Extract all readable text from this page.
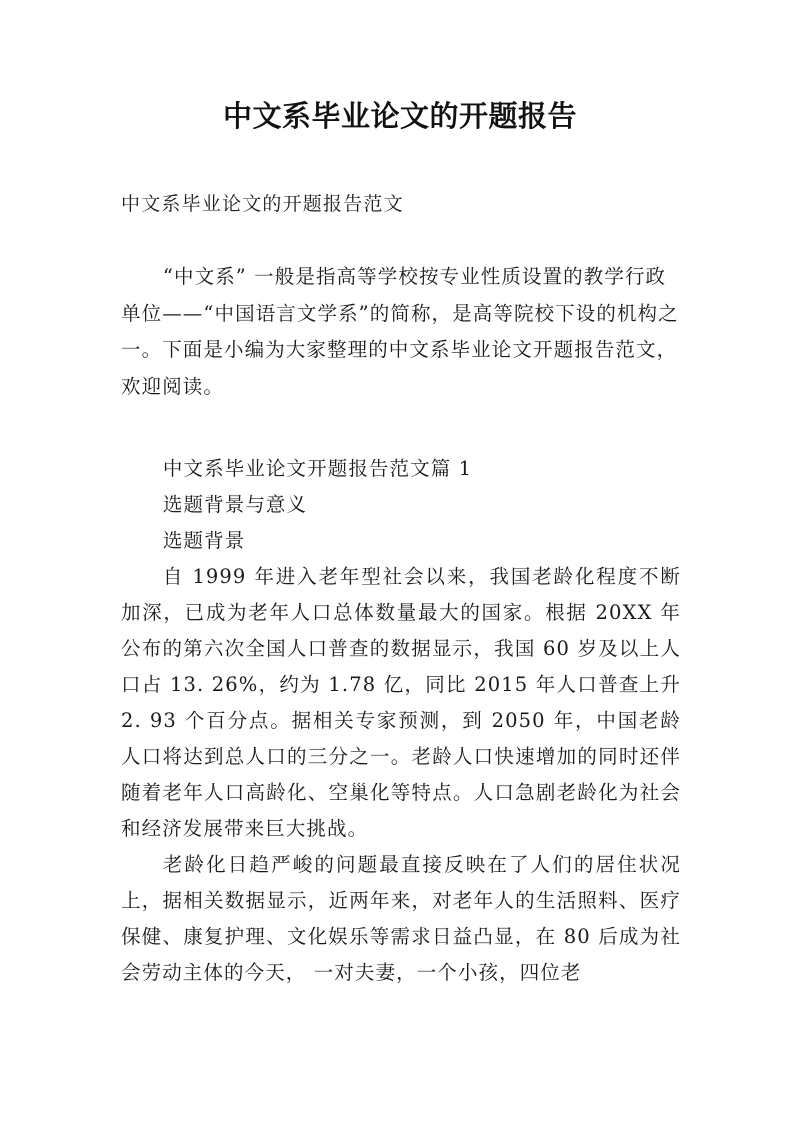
中文系毕业论文的开题报告
中文系毕业论文的开题报告范文

“中文系” 一般是指高等学校按专业性质设置的教学行政单位——“中国语言文学系”的简称，是高等院校下设的机构之一。下面是小编为大家整理的中文系毕业论文开题报告范文，欢迎阅读。

中文系毕业论文开题报告范文篇 1
选题背景与意义
选题背景

自 1999 年进入老年型社会以来，我国老龄化程度不断加深，已成为老年人口总体数量最大的国家。根据 20XX 年公布的第六次全国人口普查的数据显示，我国 60 岁及以上人口占 13. 26%，约为 1.78 亿，同比 2015 年人口普查上升 2. 93 个百分点。据相关专家预测，到 2050 年，中国老龄人口将达到总人口的三分之一。老龄人口快速增加的同时还伴随着老年人口高龄化、空巢化等特点。人口急剧老龄化为社会和经济发展带来巨大挑战。

老龄化日趋严峻的问题最直接反映在了人们的居住状况上，据相关数据显示，近两年来，对老年人的生活照料、医疗保健、康复护理、文化娱乐等需求日益凸显，在 80 后成为社会劳动主体的今天， 一对夫妻，一个小孩，四位老
